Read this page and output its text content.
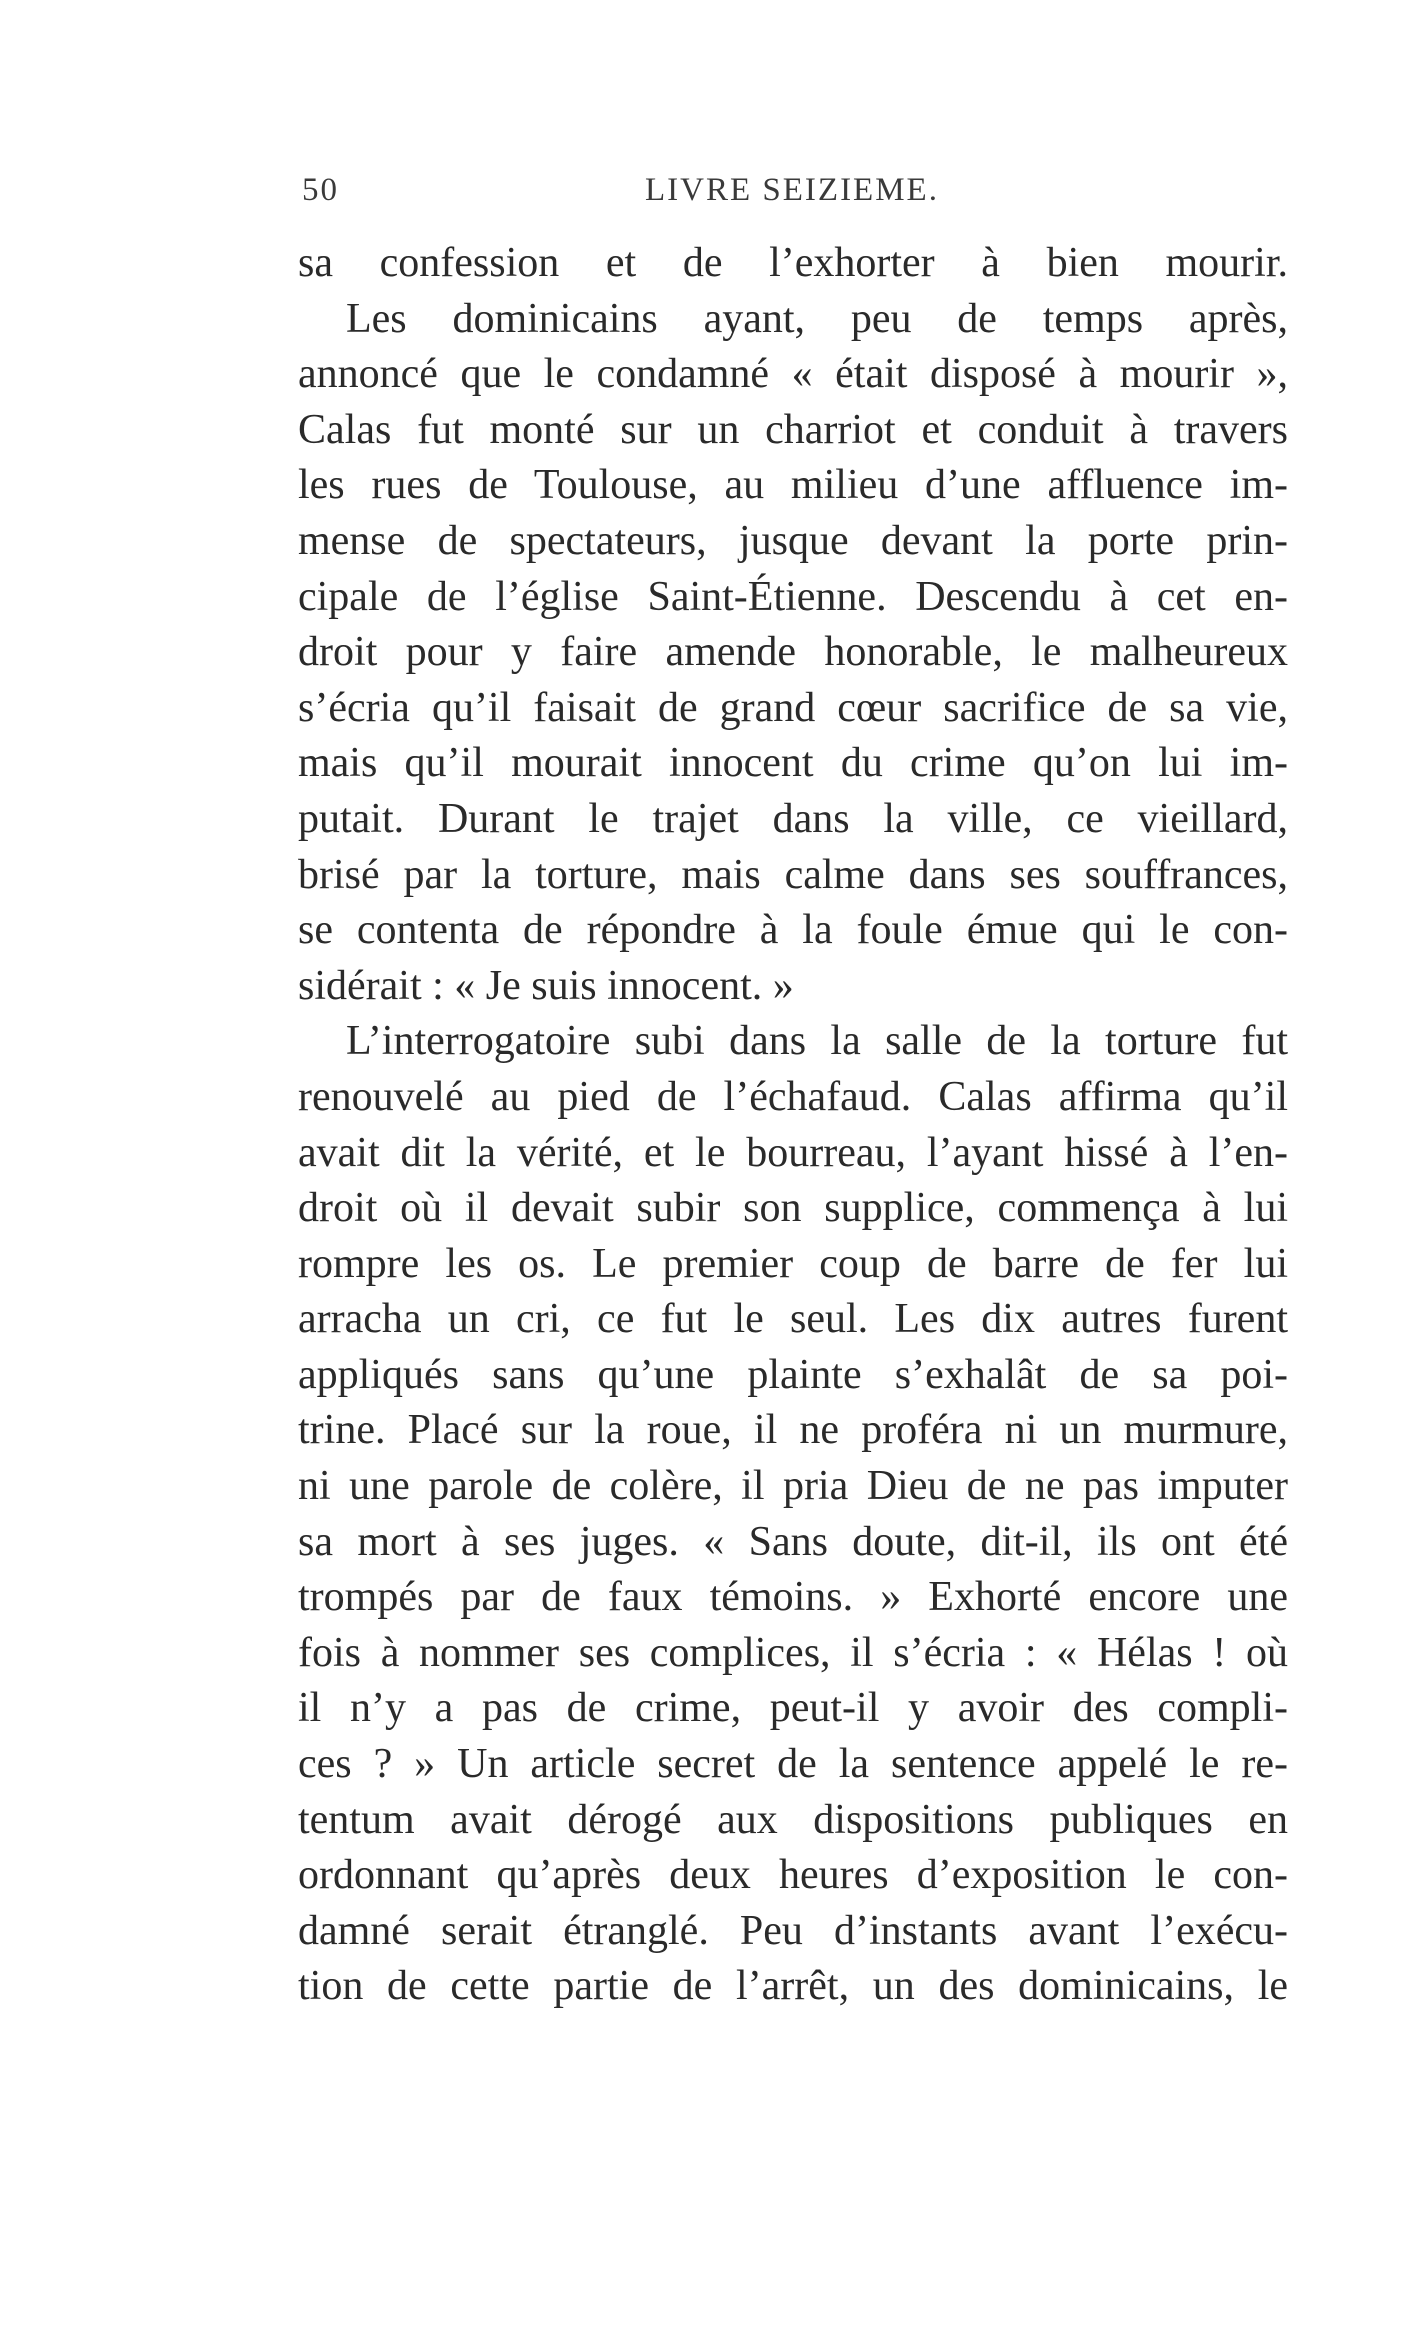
50	LIVRE SEIZIEME.
sa confession et de l’exhorter à bien mourir.
Les dominicains ayant, peu de temps après,
annoncé que le condamné « était disposé à mourir »,
Calas fut monté sur un charriot et conduit à travers
les rues de Toulouse, au milieu d’une affluence im-
mense de spectateurs, jusque devant la porte prin-
cipale de l’église Saint-Étienne. Descendu à cet en-
droit pour y faire amende honorable, le malheureux
s’écria qu’il faisait de grand cœur sacrifice de sa vie,
mais qu’il mourait innocent du crime qu’on lui im-
putait. Durant le trajet dans la ville, ce vieillard,
brisé par la torture, mais calme dans ses souffrances,
se contenta de répondre à la foule émue qui le con-
sidérait : « Je suis innocent. »
L’interrogatoire subi dans la salle de la torture fut
renouvelé au pied de l’échafaud. Calas affirma qu’il
avait dit la vérité, et le bourreau, l’ayant hissé à l’en-
droit où il devait subir son supplice, commença à lui
rompre les os. Le premier coup de barre de fer lui
arracha un cri, ce fut le seul. Les dix autres furent
appliqués sans qu’une plainte s’exhalât de sa poi-
trine. Placé sur la roue, il ne proféra ni un murmure,
ni une parole de colère, il pria Dieu de ne pas imputer
sa mort à ses juges. « Sans doute, dit-il, ils ont été
trompés par de faux témoins. » Exhorté encore une
fois à nommer ses complices, il s’écria : « Hélas ! où
il n’y a pas de crime, peut-il y avoir des compli-
ces ? » Un article secret de la sentence appelé le re-
tentum avait dérogé aux dispositions publiques en
ordonnant qu’après deux heures d’exposition le con-
damné serait étranglé. Peu d’instants avant l’exécu-
tion de cette partie de l’arrêt, un des dominicains, le
